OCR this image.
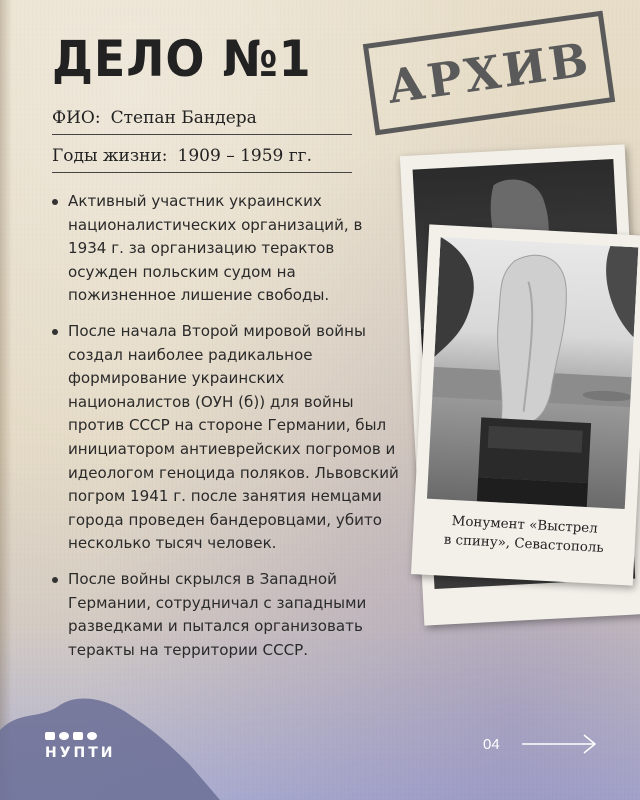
ДЕЛО №1 АРХИВ
ФИО: Степан Бандера
Годы жизни: 1909 – 1959 гг.
Активный участник украинских националистических организаций, в 1934 г. за организацию терактов осужден польским судом на пожизненное лишение свободы.
После начала Второй мировой войны создал наиболее радикальное формирование украинских националистов (ОУН (б)) для войны против СССР на стороне Германии, был инициатором антиеврейских погромов и идеологом геноцида поляков. Львовский погром 1941 г. после занятия немцами города проведен бандеровцами, убито несколько тысяч человек.
После войны скрылся в Западной Германии, сотрудничал с западными разведками и пытался организовать теракты на территории СССР.
Монумент «Выстрел
в спину», Севастополь
НУПТИ	04
